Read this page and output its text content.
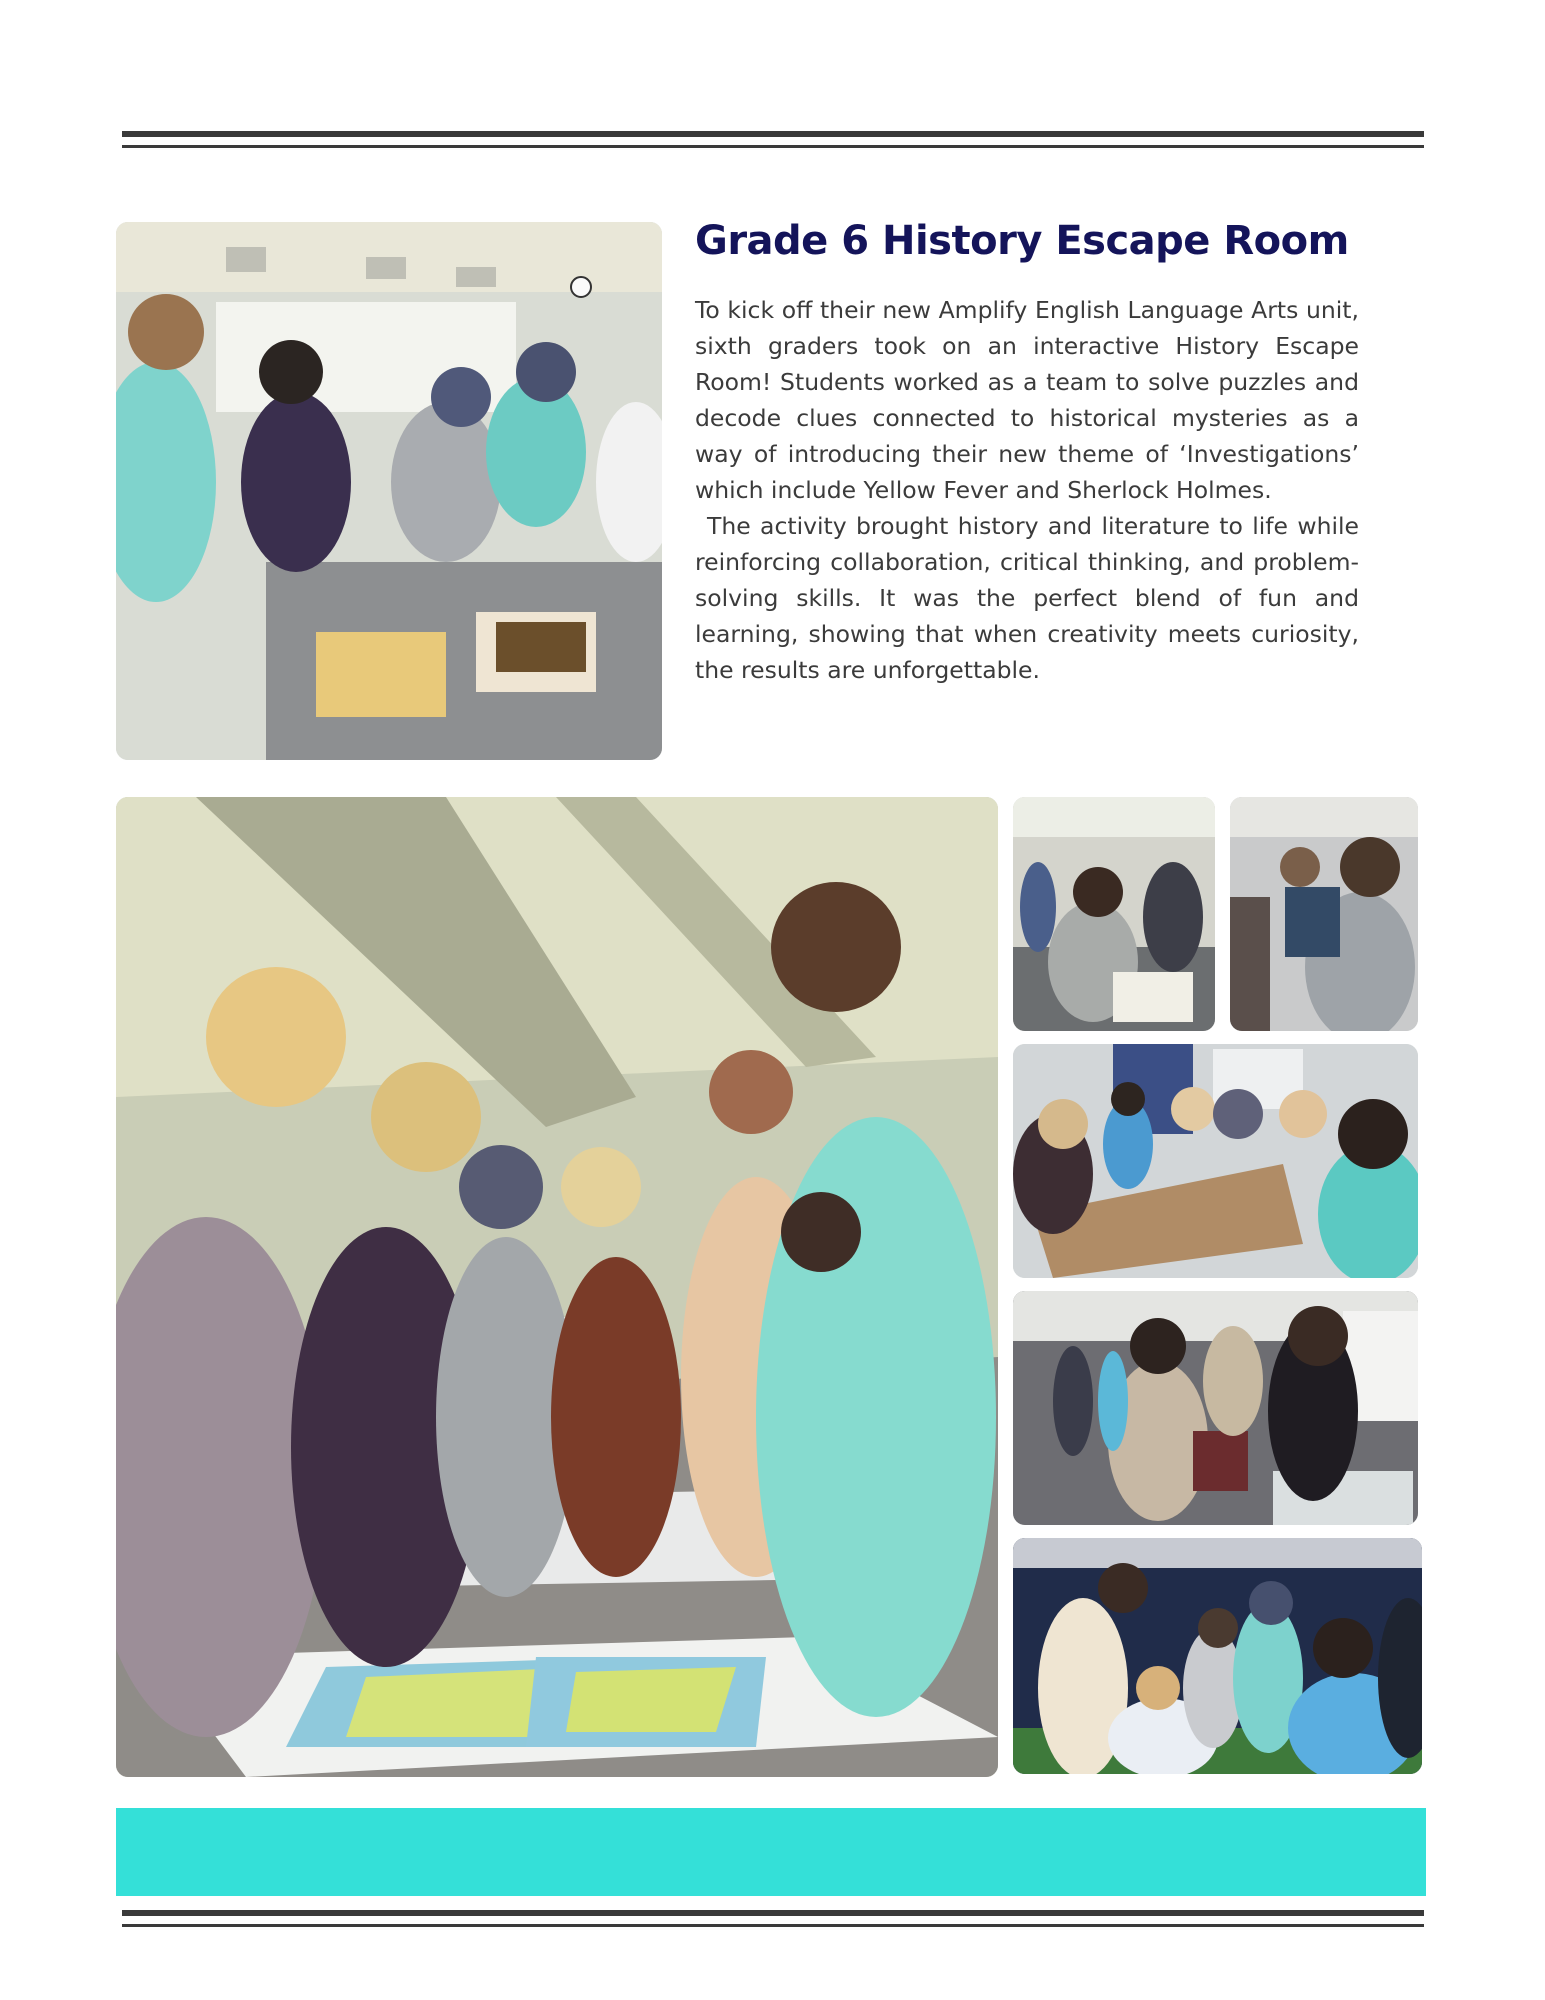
Grade 6 History Escape Room

To kick off their new Amplify English Language Arts unit, sixth graders took on an interactive History Escape Room! Students worked as a team to solve puzzles and decode clues connected to historical mysteries as a way of introducing their new theme of ‘Investigations’ which include Yellow Fever and Sherlock Holmes.

The activity brought history and literature to life while reinforcing collaboration, critical thinking, and problem-solving skills. It was the perfect blend of fun and learning, showing that when creativity meets curiosity, the results are unforgettable.
